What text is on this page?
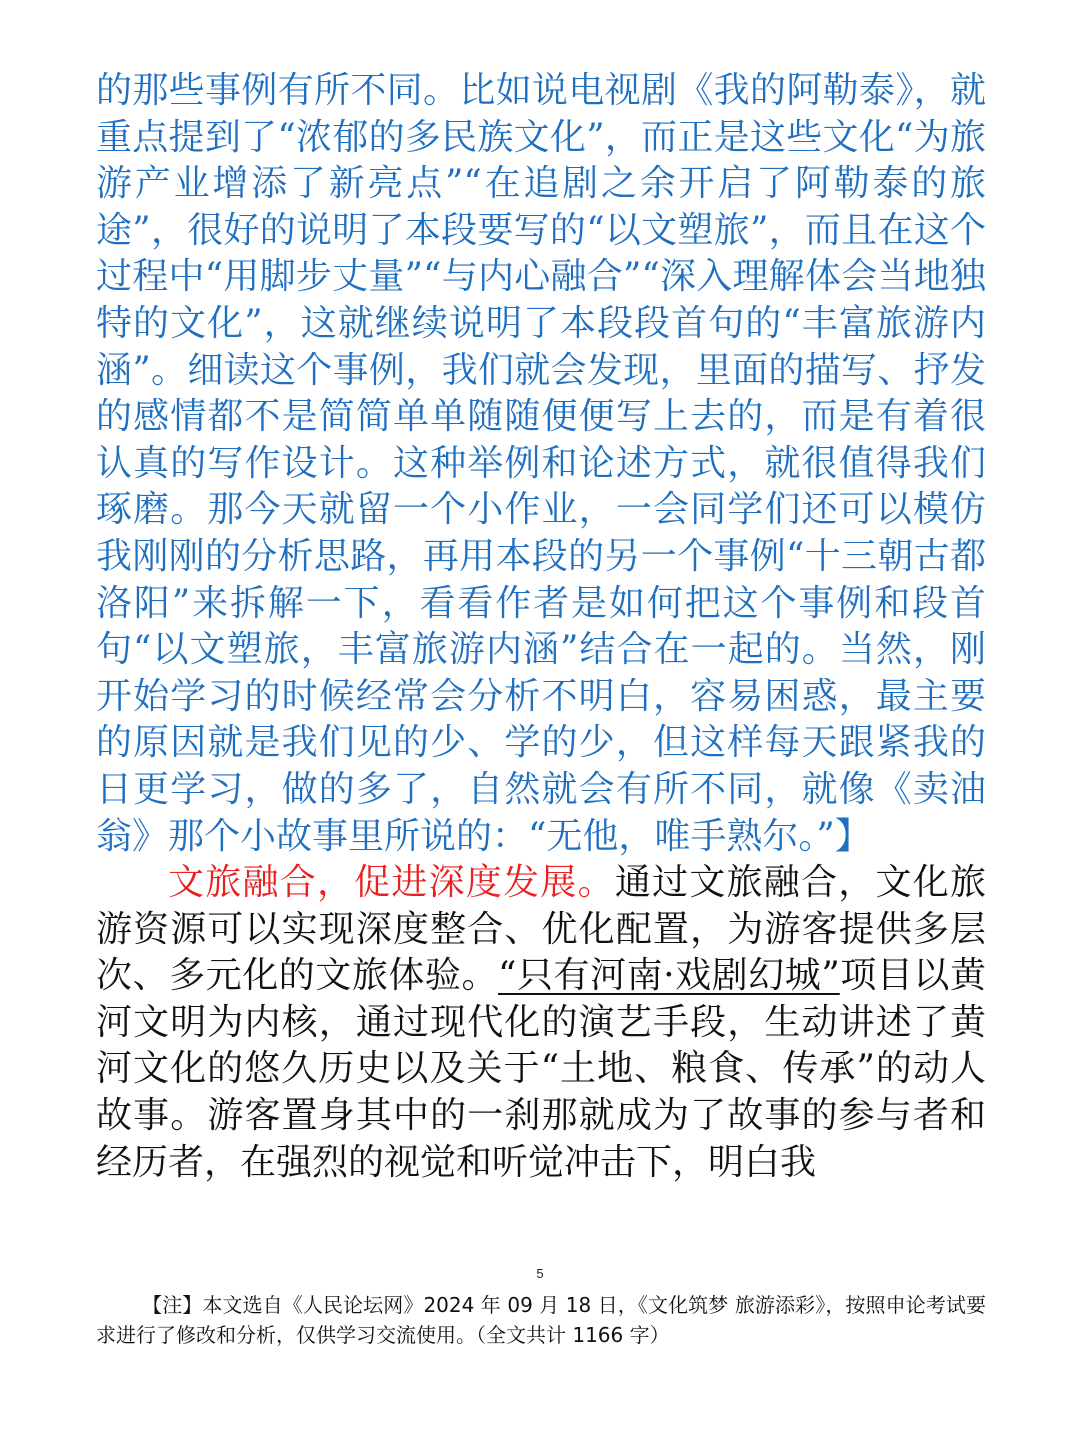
的那些事例有所不同。比如说电视剧《我的阿勒泰》，就重点提到了“浓郁的多民族文化”，而正是这些文化“为旅游产业增添了新亮点”“在追剧之余开启了阿勒泰的旅途”，很好的说明了本段要写的“以文塑旅”，而且在这个过程中“用脚步丈量”“与内心融合”“深入理解体会当地独特的文化”，这就继续说明了本段段首句的“丰富旅游内涵”。细读这个事例，我们就会发现，里面的描写、抒发的感情都不是简简单单随随便便写上去的，而是有着很认真的写作设计。这种举例和论述方式，就很值得我们琢磨。那今天就留一个小作业，一会同学们还可以模仿我刚刚的分析思路，再用本段的另一个事例“十三朝古都洛阳”来拆解一下，看看作者是如何把这个事例和段首句“以文塑旅，丰富旅游内涵”结合在一起的。当然，刚开始学习的时候经常会分析不明白，容易困惑，最主要的原因就是我们见的少、学的少，但这样每天跟紧我的日更学习，做的多了，自然就会有所不同，就像《卖油翁》那个小故事里所说的：“无他，唯手熟尔。”】
文旅融合，促进深度发展。通过文旅融合，文化旅游资源可以实现深度整合、优化配置，为游客提供多层次、多元化的文旅体验。“只有河南·戏剧幻城”项目以黄河文明为内核，通过现代化的演艺手段，生动讲述了黄河文化的悠久历史以及关于“土地、粮食、传承”的动人故事。游客置身其中的一刹那就成为了故事的参与者和经历者，在强烈的视觉和听觉冲击下，明白我
5

【注】本文选自《人民论坛网》2024 年 09 月 18 日，《文化筑梦 旅游添彩》，按照申论考试要求进行了修改和分析，仅供学习交流使用。（全文共计 1166 字）
